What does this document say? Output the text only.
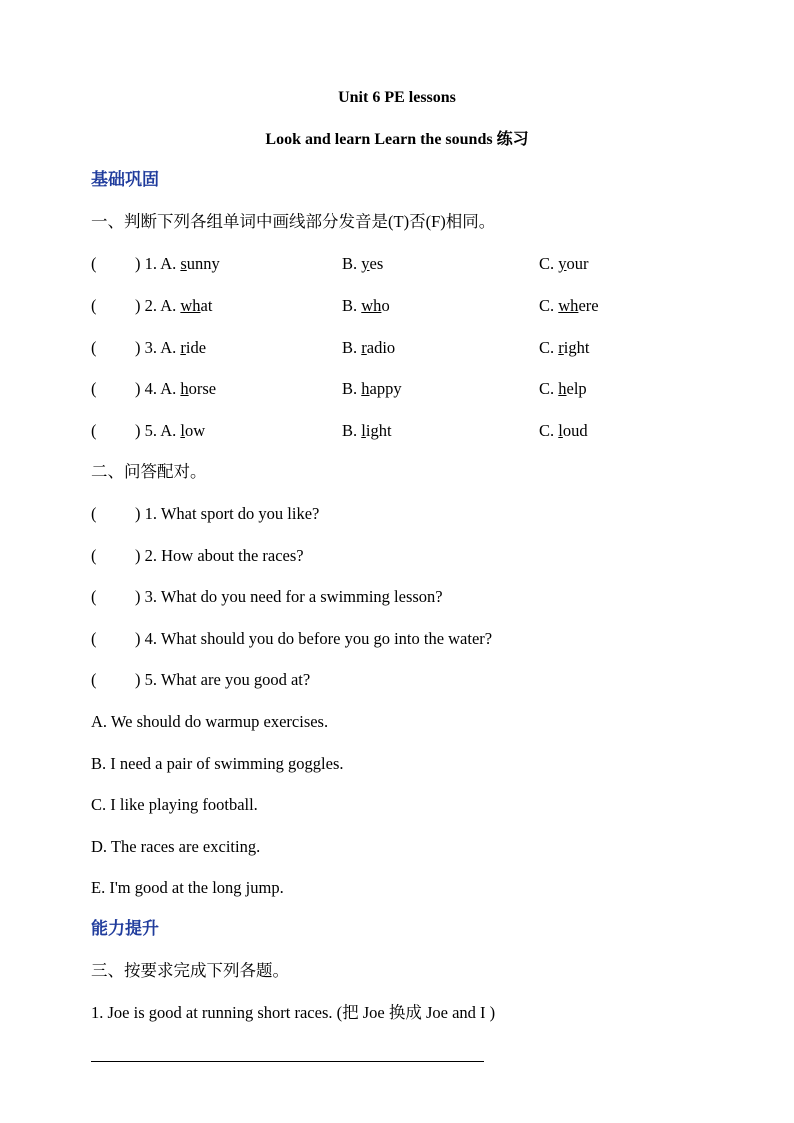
Unit 6 PE lessons
Look and learn Learn the sounds 练习
基础巩固
一、判断下列各组单词中画线部分发音是(T)否(F)相同。
( ) 1. A. sunny	B. yes	C. your
( ) 2. A. what	B. who	C. where
( ) 3. A. ride	B. radio	C. right
( ) 4. A. horse	B. happy	C. help
( ) 5. A. low	B. light	C. loud
二、问答配对。
( ) 1. What sport do you like?
( ) 2. How about the races?
( ) 3. What do you need for a swimming lesson?
( ) 4. What should you do before you go into the water?
( ) 5. What are you good at?
A. We should do warmup exercises.
B. I need a pair of swimming goggles.
C. I like playing football.
D. The races are exciting.
E. I'm good at the long jump.
能力提升
三、按要求完成下列各题。
1. Joe is good at running short races. (把 Joe 换成 Joe and I )
